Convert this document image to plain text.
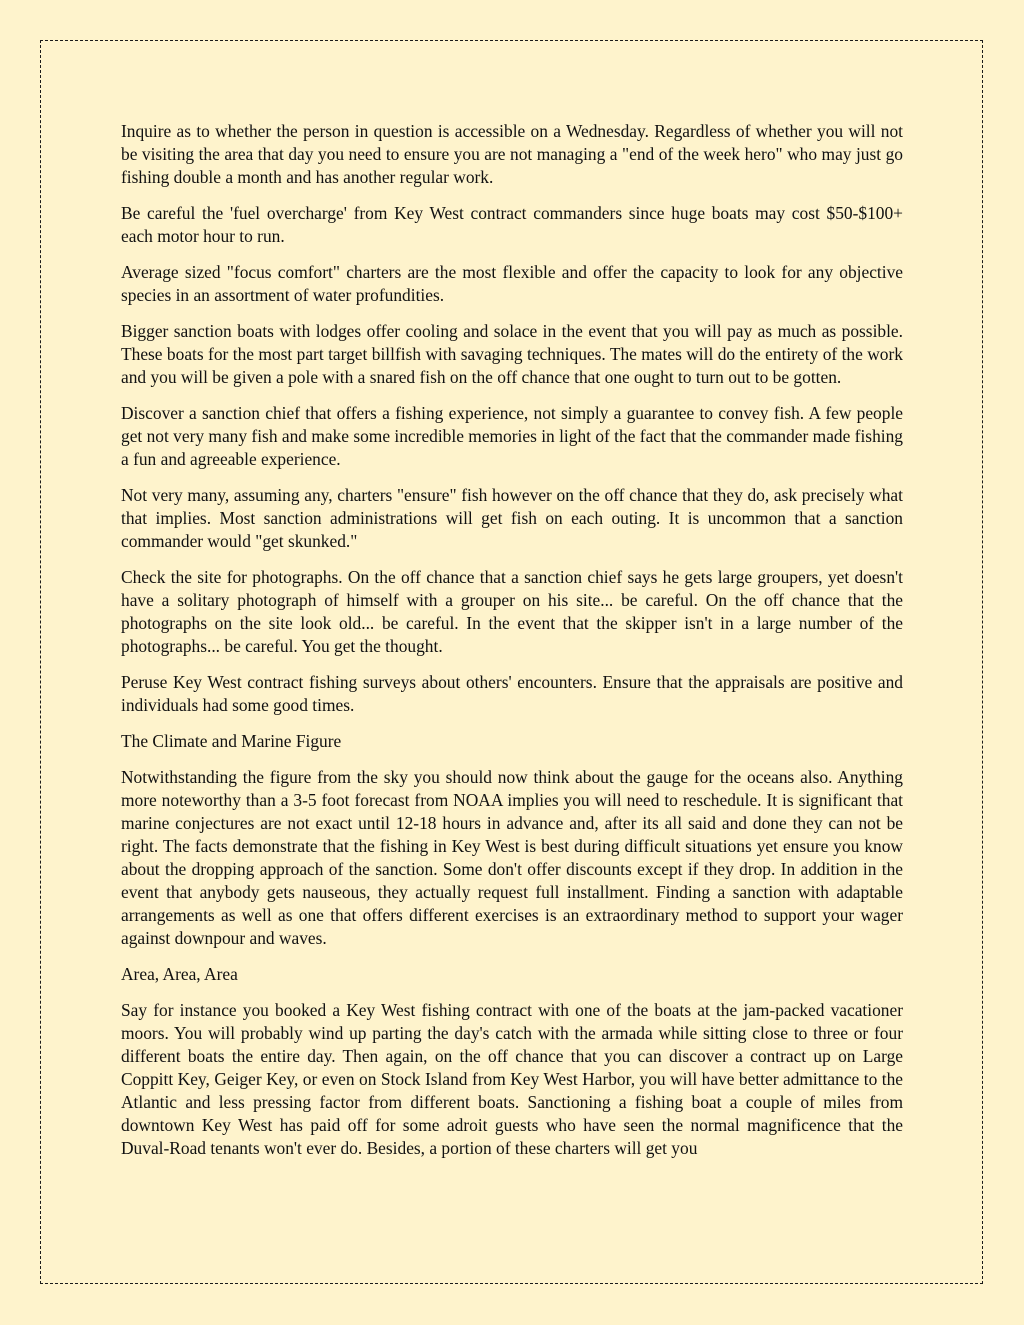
Inquire as to whether the person in question is accessible on a Wednesday. Regardless of whether you will not be visiting the area that day you need to ensure you are not managing a "end of the week hero" who may just go fishing double a month and has another regular work.

Be careful the 'fuel overcharge' from Key West contract commanders since huge boats may cost $50-$100+ each motor hour to run.

Average sized "focus comfort" charters are the most flexible and offer the capacity to look for any objective species in an assortment of water profundities.

Bigger sanction boats with lodges offer cooling and solace in the event that you will pay as much as possible. These boats for the most part target billfish with savaging techniques. The mates will do the entirety of the work and you will be given a pole with a snared fish on the off chance that one ought to turn out to be gotten.

Discover a sanction chief that offers a fishing experience, not simply a guarantee to convey fish. A few people get not very many fish and make some incredible memories in light of the fact that the commander made fishing a fun and agreeable experience.

Not very many, assuming any, charters "ensure" fish however on the off chance that they do, ask precisely what that implies. Most sanction administrations will get fish on each outing. It is uncommon that a sanction commander would "get skunked."

Check the site for photographs. On the off chance that a sanction chief says he gets large groupers, yet doesn't have a solitary photograph of himself with a grouper on his site... be careful. On the off chance that the photographs on the site look old... be careful. In the event that the skipper isn't in a large number of the photographs... be careful. You get the thought.

Peruse Key West contract fishing surveys about others' encounters. Ensure that the appraisals are positive and individuals had some good times.

The Climate and Marine Figure

Notwithstanding the figure from the sky you should now think about the gauge for the oceans also. Anything more noteworthy than a 3-5 foot forecast from NOAA implies you will need to reschedule. It is significant that marine conjectures are not exact until 12-18 hours in advance and, after its all said and done they can not be right. The facts demonstrate that the fishing in Key West is best during difficult situations yet ensure you know about the dropping approach of the sanction. Some don't offer discounts except if they drop. In addition in the event that anybody gets nauseous, they actually request full installment. Finding a sanction with adaptable arrangements as well as one that offers different exercises is an extraordinary method to support your wager against downpour and waves.

Area, Area, Area

Say for instance you booked a Key West fishing contract with one of the boats at the jam-packed vacationer moors. You will probably wind up parting the day's catch with the armada while sitting close to three or four different boats the entire day. Then again, on the off chance that you can discover a contract up on Large Coppitt Key, Geiger Key, or even on Stock Island from Key West Harbor, you will have better admittance to the Atlantic and less pressing factor from different boats. Sanctioning a fishing boat a couple of miles from downtown Key West has paid off for some adroit guests who have seen the normal magnificence that the Duval-Road tenants won't ever do. Besides, a portion of these charters will get you
